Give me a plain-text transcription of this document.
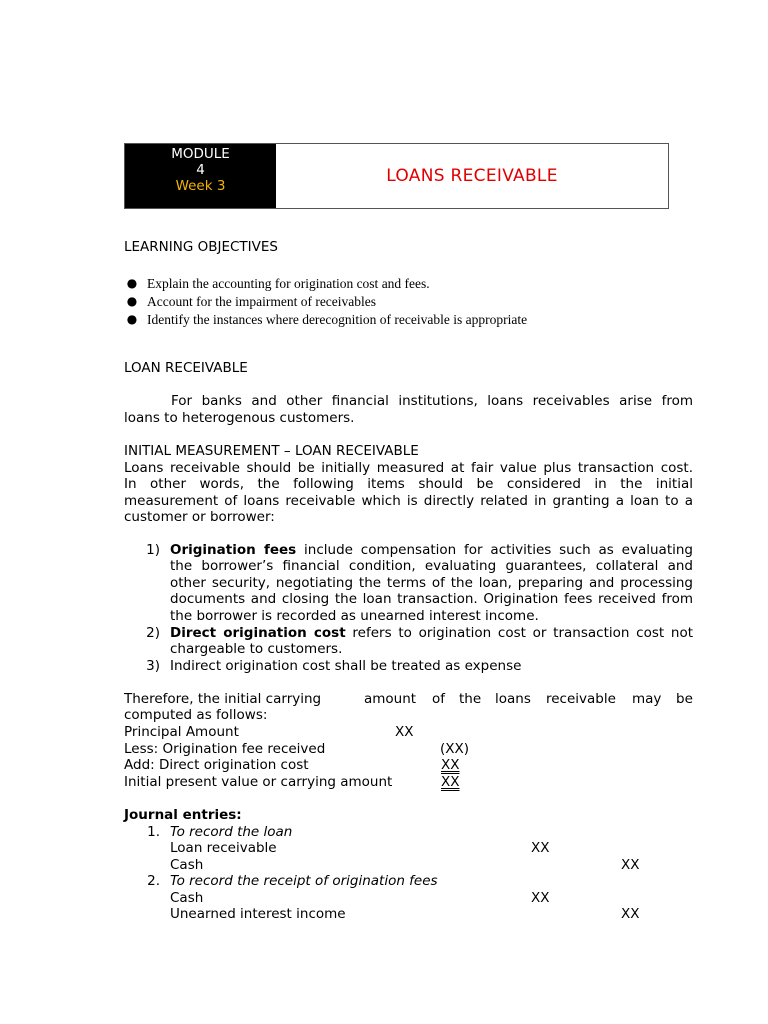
MODULE
4
Week 3	LOANS RECEIVABLE
LEARNING OBJECTIVES
● Explain the accounting for origination cost and fees.
● Account for the impairment of receivables
● Identify the instances where derecognition of receivable is appropriate
LOAN RECEIVABLE
For banks and other financial institutions, loans receivables arise from
loans to heterogenous customers.
INITIAL MEASUREMENT – LOAN RECEIVABLE
Loans receivable should be initially measured at fair value plus transaction cost.
In other words, the following items should be considered in the initial
measurement of loans receivable which is directly related in granting a loan to a
customer or borrower:
1) Origination fees include compensation for activities such as evaluating
the borrower’s financial condition, evaluating guarantees, collateral and
other security, negotiating the terms of the loan, preparing and processing
documents and closing the loan transaction. Origination fees received from
the borrower is recorded as unearned interest income.
2) Direct origination cost refers to origination cost or transaction cost not
chargeable to customers.
3) Indirect origination cost shall be treated as expense
Therefore, the initial carrying	amount of the loans receivable may be
computed as follows:
Principal Amount	XX
Less: Origination fee received	(XX)
Add: Direct origination cost	XX
Initial present value or carrying amount	XX
Journal entries:
1. To record the loan
Loan receivable	XX
Cash	XX
2. To record the receipt of origination fees
Cash	XX
Unearned interest income	XX
